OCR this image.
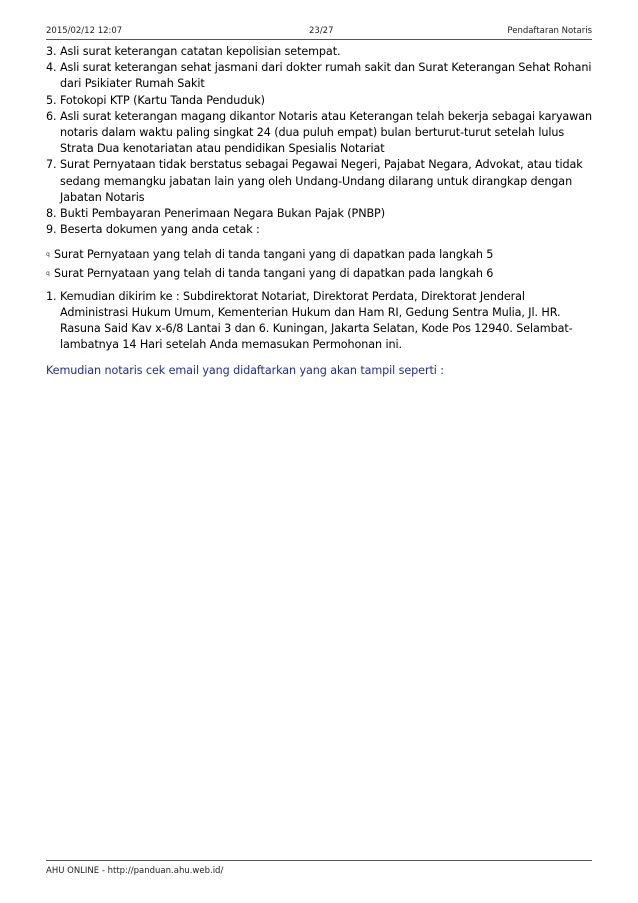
2015/02/12 12:07	23/27	Pendaftaran Notaris
3. Asli surat keterangan catatan kepolisian setempat.
4. Asli surat keterangan sehat jasmani dari dokter rumah sakit dan Surat Keterangan Sehat Rohani dari Psikiater Rumah Sakit
5. Fotokopi KTP (Kartu Tanda Penduduk)
6. Asli surat keterangan magang dikantor Notaris atau Keterangan telah bekerja sebagai karyawan notaris dalam waktu paling singkat 24 (dua puluh empat) bulan berturut-turut setelah lulus Strata Dua kenotariatan atau pendidikan Spesialis Notariat
7. Surat Pernyataan tidak berstatus sebagai Pegawai Negeri, Pajabat Negara, Advokat, atau tidak sedang memangku jabatan lain yang oleh Undang-Undang dilarang untuk dirangkap dengan Jabatan Notaris
8. Bukti Pembayaran Penerimaan Negara Bukan Pajak (PNBP)
9. Beserta dokumen yang anda cetak :
q Surat Pernyataan yang telah di tanda tangani yang di dapatkan pada langkah 5
q Surat Pernyataan yang telah di tanda tangani yang di dapatkan pada langkah 6
1. Kemudian dikirim ke : Subdirektorat Notariat, Direktorat Perdata, Direktorat Jenderal Administrasi Hukum Umum, Kementerian Hukum dan Ham RI, Gedung Sentra Mulia, Jl. HR. Rasuna Said Kav x-6/8 Lantai 3 dan 6. Kuningan, Jakarta Selatan, Kode Pos 12940. Selambat-lambatnya 14 Hari setelah Anda memasukan Permohonan ini.
Kemudian notaris cek email yang didaftarkan yang akan tampil seperti :
AHU ONLINE - http://panduan.ahu.web.id/
